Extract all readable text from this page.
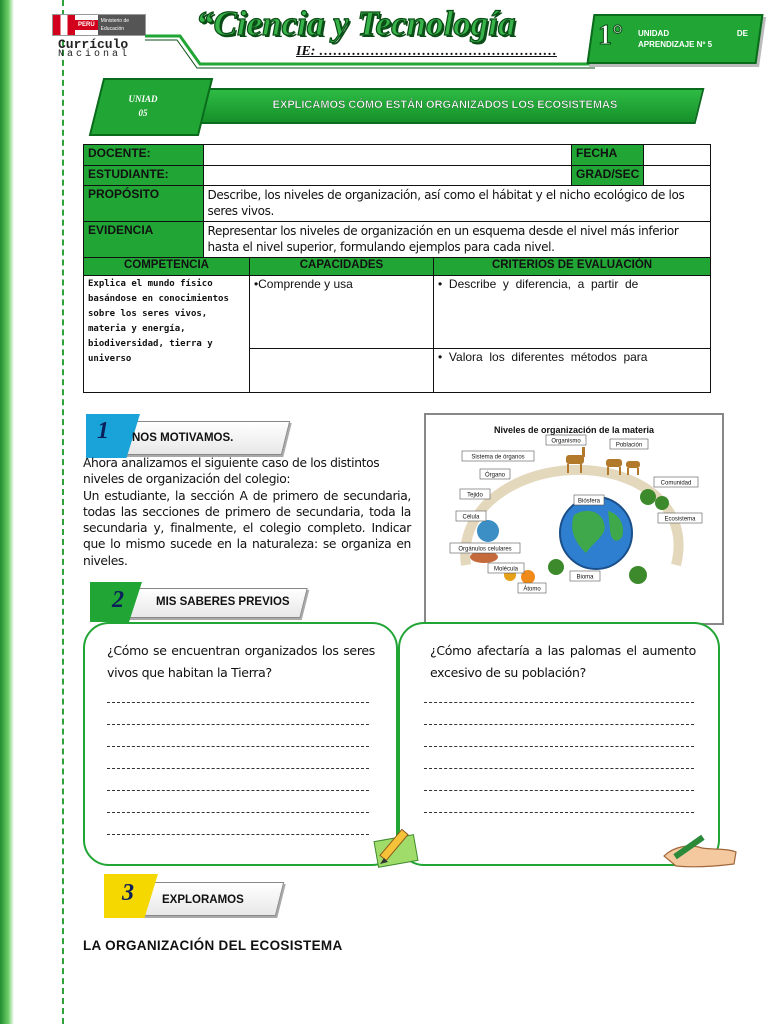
PERÚ
Ministerio de Educación
Currículo
Nacional
“Ciencia y Tecnología
IE: ……………………………………………
1° UNIDAD	DE
APRENDIZAJE Nº 5
UNIAD
05
EXPLICAMOS CÓMO ESTÁN ORGANIZADOS LOS ECOSISTEMAS
DOCENTE:				FECHA	
ESTUDIANTE:				GRAD/SEC	
PROPÓSITO	Describe, los niveles de organización, así como el hábitat y el nicho ecológico de los seres vivos.				
EVIDENCIA	Representar los niveles de organización en un esquema desde el nivel más inferior hasta el nivel superior, formulando ejemplos para cada nivel.				
COMPETENCIA		CAPACIDADES	CRITERIOS DE EVALUACIÓN		
Explica el mundo físico basándose en conocimientos sobre los seres vivos, materia y energía, biodiversidad, tierra y universo		•Comprende y usa	•  Describe  y  diferencia,  a  partir  de		
			•  Valora  los  diferentes  métodos  para		
1 NOS MOTIVAMOS.

Ahora analizamos el siguiente caso de los distintos niveles de organización del colegio:

Un estudiante, la sección A de primero de secundaria, todas las secciones de primero de secundaria, toda la secundaria y, finalmente, el colegio completo. Indicar que lo mismo sucede en la naturaleza: se organiza en niveles.

Niveles de organización de la materia
Organismo
Población
Sistema de órganos
Órgano
Comunidad
Tejido
Biósfera
Célula	Ecosistema
Orgánulos celulares
Molécula
Bioma
Átomo
2	MIS SABERES PREVIOS
¿Cómo se encuentran organizados los seres vivos que habitan la Tierra?
¿Cómo afectaría a las palomas el aumento excesivo de su población?
3 EXPLORAMOS
LA ORGANIZACIÓN DEL ECOSISTEMA
